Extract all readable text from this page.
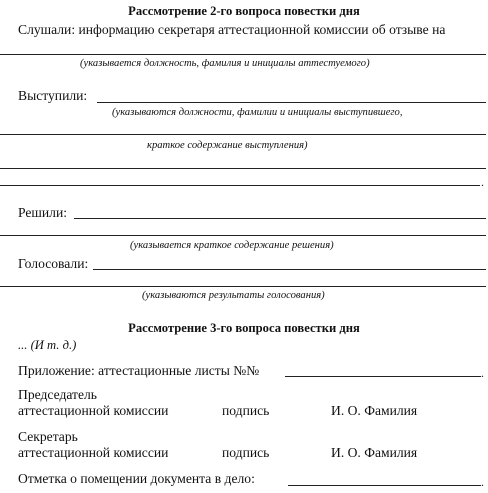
Рассмотрение 2-го вопроса повестки дня
Слушали: информацию секретаря аттестационной комиссии об отзыве на
(указывается должность, фамилия и инициалы аттестуемого)
Выступили:
(указываются должности, фамилии и инициалы выступившего,
краткое содержание выступления)
.
Решили:
(указывается краткое содержание решения)
Голосовали:
(указываются результаты голосования)
Рассмотрение 3-го вопроса повестки дня
... (И т. д.)
Приложение: аттестационные листы №№	.
Председатель
аттестационной комиссии	подпись	И. О. Фамилия
Секретарь
аттестационной комиссии	подпись	И. О. Фамилия
Отметка о помещении документа в дело:	.
